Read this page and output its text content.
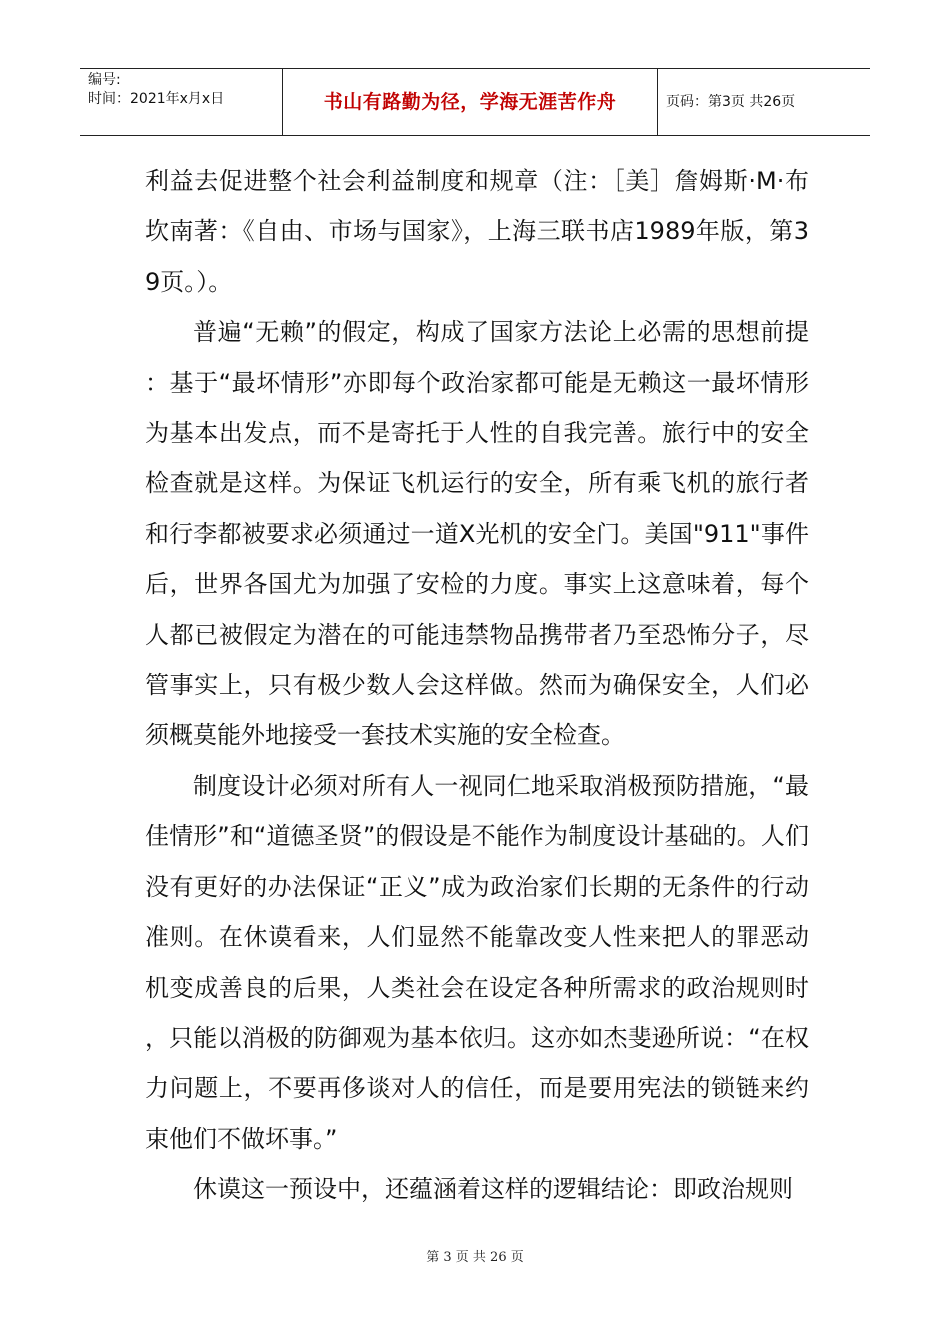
编号:
时间：2021年x月x日	书山有路勤为径，学海无涯苦作舟	页码：第3页 共26页

利益去促进整个社会利益制度和规章（注：［美］詹姆斯·M·布坎南著：《自由、市场与国家》，上海三联书店1989年版，第39页。）。

普遍“无赖”的假定，构成了国家方法论上必需的思想前提：基于“最坏情形”亦即每个政治家都可能是无赖这一最坏情形为基本出发点，而不是寄托于人性的自我完善。旅行中的安全检查就是这样。为保证飞机运行的安全，所有乘飞机的旅行者和行李都被要求必须通过一道X光机的安全门。美国"911"事件后，世界各国尤为加强了安检的力度。事实上这意味着，每个人都已被假定为潜在的可能违禁物品携带者乃至恐怖分子，尽管事实上，只有极少数人会这样做。然而为确保安全，人们必须概莫能外地接受一套技术实施的安全检查。

制度设计必须对所有人一视同仁地采取消极预防措施，“最佳情形”和“道德圣贤”的假设是不能作为制度设计基础的。人们没有更好的办法保证“正义”成为政治家们长期的无条件的行动准则。在休谟看来，人们显然不能靠改变人性来把人的罪恶动机变成善良的后果，人类社会在设定各种所需求的政治规则时，只能以消极的防御观为基本依归。这亦如杰斐逊所说：“在权力问题上，不要再侈谈对人的信任，而是要用宪法的锁链来约束他们不做坏事。”

休谟这一预设中，还蕴涵着这样的逻辑结论：即政治规则

第 3 页 共 26 页
